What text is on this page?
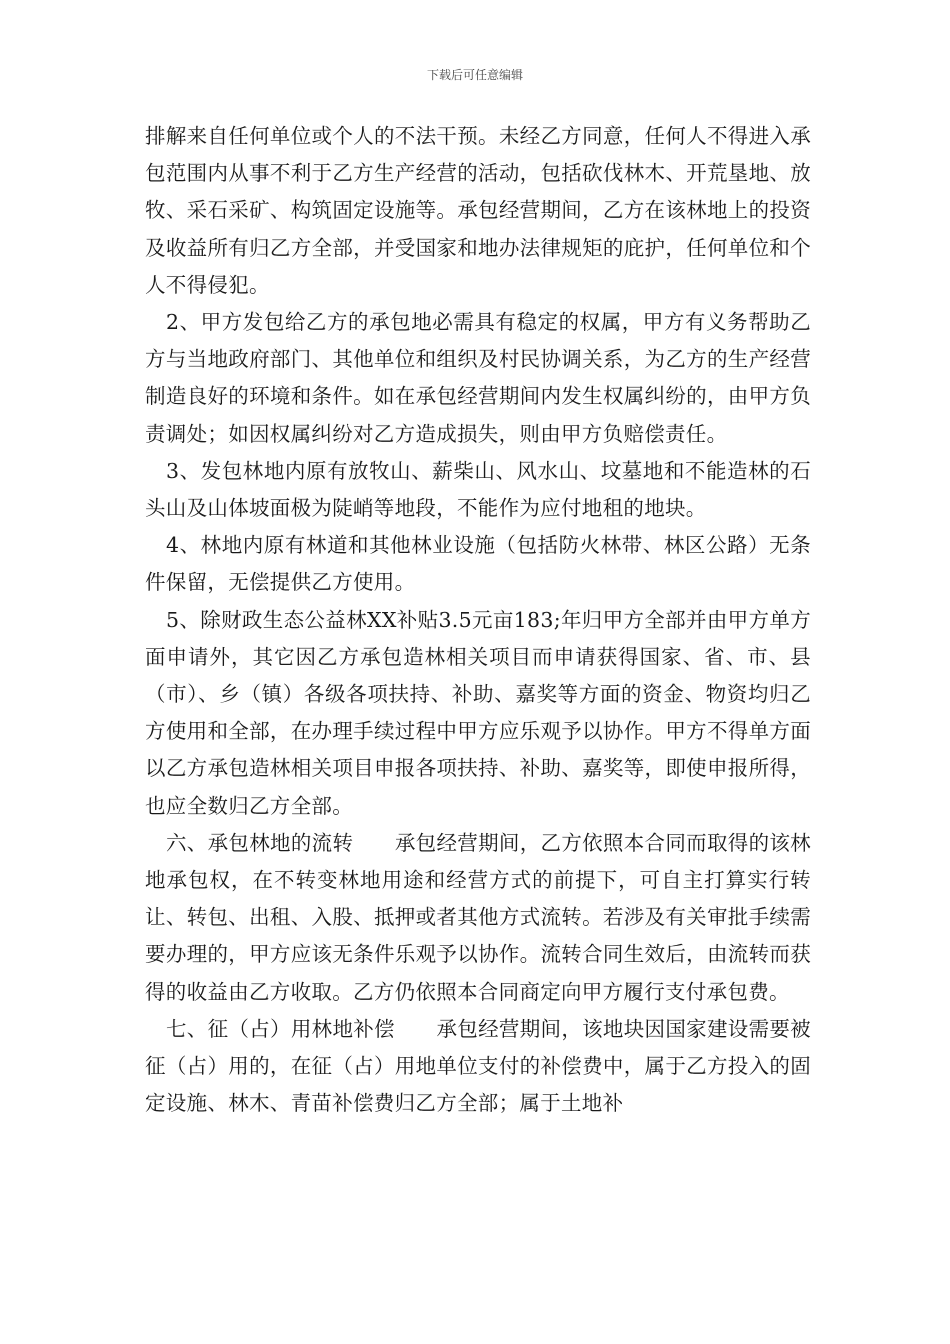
下载后可任意编辑

排解来自任何单位或个人的不法干预。未经乙方同意，任何人不得进入承包范围内从事不利于乙方生产经营的活动，包括砍伐林木、开荒垦地、放牧、采石采矿、构筑固定设施等。承包经营期间，乙方在该林地上的投资及收益所有归乙方全部，并受国家和地办法律规矩的庇护，任何单位和个人不得侵犯。

2、甲方发包给乙方的承包地必需具有稳定的权属，甲方有义务帮助乙方与当地政府部门、其他单位和组织及村民协调关系，为乙方的生产经营制造良好的环境和条件。如在承包经营期间内发生权属纠纷的，由甲方负责调处；如因权属纠纷对乙方造成损失，则由甲方负赔偿责任。

3、发包林地内原有放牧山、薪柴山、风水山、坟墓地和不能造林的石头山及山体坡面极为陡峭等地段，不能作为应付地租的地块。

4、林地内原有林道和其他林业设施（包括防火林带、林区公路）无条件保留，无偿提供乙方使用。

5、除财政生态公益林XX补贴3.5元亩183;年归甲方全部并由甲方单方面申请外，其它因乙方承包造林相关项目而申请获得国家、省、市、县（市）、乡（镇）各级各项扶持、补助、嘉奖等方面的资金、物资均归乙方使用和全部，在办理手续过程中甲方应乐观予以协作。甲方不得单方面以乙方承包造林相关项目申报各项扶持、补助、嘉奖等，即使申报所得，也应全数归乙方全部。

六、承包林地的流转　　承包经营期间，乙方依照本合同而取得的该林地承包权，在不转变林地用途和经营方式的前提下，可自主打算实行转让、转包、出租、入股、抵押或者其他方式流转。若涉及有关审批手续需要办理的，甲方应该无条件乐观予以协作。流转合同生效后，由流转而获得的收益由乙方收取。乙方仍依照本合同商定向甲方履行支付承包费。

七、征（占）用林地补偿　　承包经营期间，该地块因国家建设需要被征（占）用的，在征（占）用地单位支付的补偿费中，属于乙方投入的固定设施、林木、青苗补偿费归乙方全部；属于土地补
